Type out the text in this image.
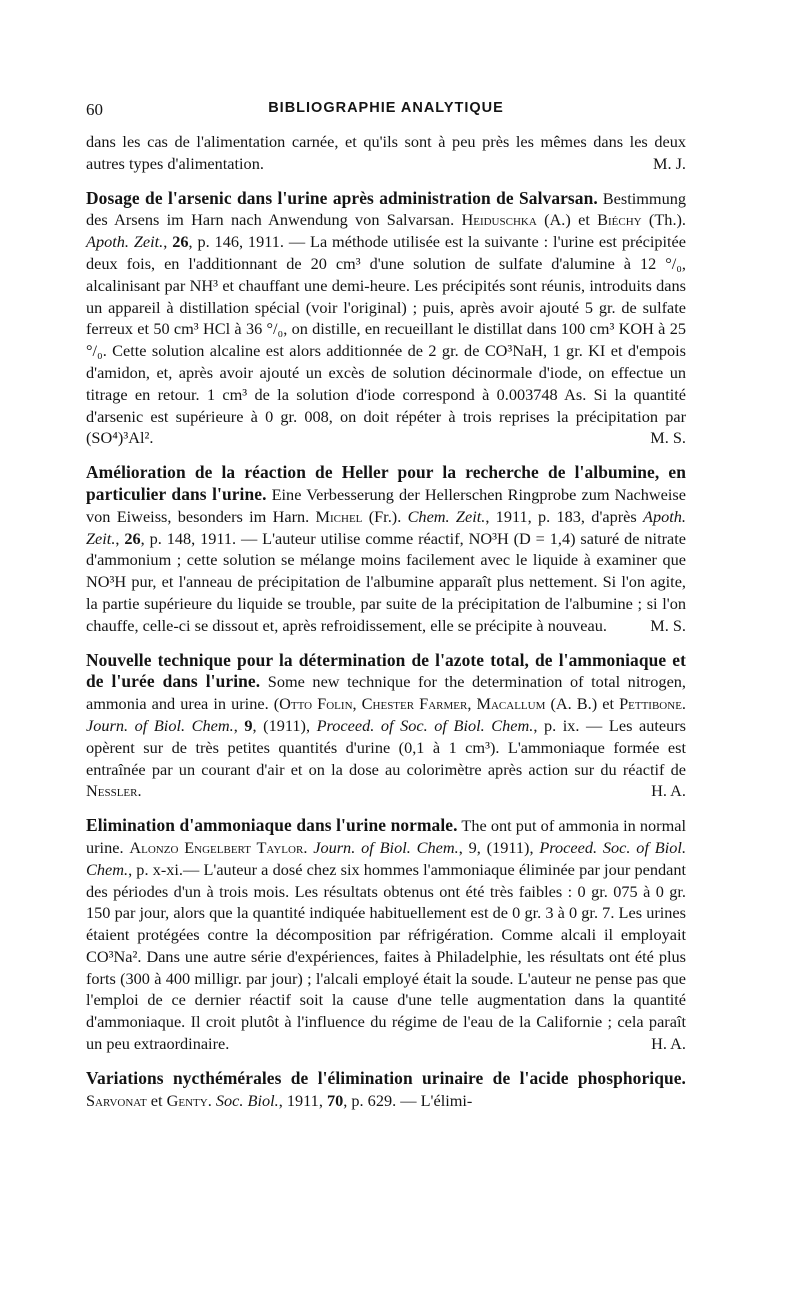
60	BIBLIOGRAPHIE ANALYTIQUE

dans les cas de l'alimentation carnée, et qu'ils sont à peu près les mêmes dans les deux autres types d'alimentation.	M. J.

Dosage de l'arsenic dans l'urine après administration de Salvarsan. Bestimmung des Arsens im Harn nach Anwendung von Salvarsan. Heiduschka (A.) et Biéchy (Th.). Apoth. Zeit., 26, p. 146, 1911. — La méthode utilisée est la suivante : l'urine est précipitée deux fois, en l'additionnant de 20 cm³ d'une solution de sulfate d'alumine à 12 °/₀, alcalinisant par NH³ et chauffant une demi-heure. Les précipités sont réunis, introduits dans un appareil à distillation spécial (voir l'original) ; puis, après avoir ajouté 5 gr. de sulfate ferreux et 50 cm³ HCl à 36 °/₀, on distille, en recueillant le distillat dans 100 cm³ KOH à 25 °/₀. Cette solution alcaline est alors additionnée de 2 gr. de CO³NaH, 1 gr. KI et d'empois d'amidon, et, après avoir ajouté un excès de solution décinormale d'iode, on effectue un titrage en retour. 1 cm³ de la solution d'iode correspond à 0.003748 As. Si la quantité d'arsenic est supérieure à 0 gr. 008, on doit répéter à trois reprises la précipitation par (SO⁴)³Al².	M. S.

Amélioration de la réaction de Heller pour la recherche de l'albumine, en particulier dans l'urine. Eine Verbesserung der Hellerschen Ringprobe zum Nachweise von Eiweiss, besonders im Harn. Michel (Fr.). Chem. Zeit., 1911, p. 183, d'après Apoth. Zeit., 26, p. 148, 1911. — L'auteur utilise comme réactif, NO³H (D = 1,4) saturé de nitrate d'ammonium ; cette solution se mélange moins facilement avec le liquide à examiner que NO³H pur, et l'anneau de précipitation de l'albumine apparaît plus nettement. Si l'on agite, la partie supérieure du liquide se trouble, par suite de la précipitation de l'albumine ; si l'on chauffe, celle-ci se dissout et, après refroidissement, elle se précipite à nouveau.	M. S.

Nouvelle technique pour la détermination de l'azote total, de l'ammoniaque et de l'urée dans l'urine. Some new technique for the determination of total nitrogen, ammonia and urea in urine. (Otto Folin, Chester Farmer, Macallum (A. B.) et Pettibone. Journ. of Biol. Chem., 9, (1911), Proceed. of Soc. of Biol. Chem., p. ix. — Les auteurs opèrent sur de très petites quantités d'urine (0,1 à 1 cm³). L'ammoniaque formée est entraînée par un courant d'air et on la dose au colorimètre après action sur du réactif de Nessler.	H. A.

Elimination d'ammoniaque dans l'urine normale. The ont put of ammonia in normal urine. Alonzo Engelbert Taylor. Journ. of Biol. Chem., 9, (1911), Proceed. Soc. of Biol. Chem., p. x-xi.— L'auteur a dosé chez six hommes l'ammoniaque éliminée par jour pendant des périodes d'un à trois mois. Les résultats obtenus ont été très faibles : 0 gr. 075 à 0 gr. 150 par jour, alors que la quantité indiquée habituellement est de 0 gr. 3 à 0 gr. 7. Les urines étaient protégées contre la décomposition par réfrigération. Comme alcali il employait CO³Na². Dans une autre série d'expériences, faites à Philadelphie, les résultats ont été plus forts (300 à 400 milligr. par jour) ; l'alcali employé était la soude. L'auteur ne pense pas que l'emploi de ce dernier réactif soit la cause d'une telle augmentation dans la quantité d'ammoniaque. Il croit plutôt à l'influence du régime de l'eau de la Californie ; cela paraît un peu extraordinaire.	H. A.

Variations nycthémérales de l'élimination urinaire de l'acide phosphorique. Sarvonat et Genty. Soc. Biol., 1911, 70, p. 629. — L'élimi-
